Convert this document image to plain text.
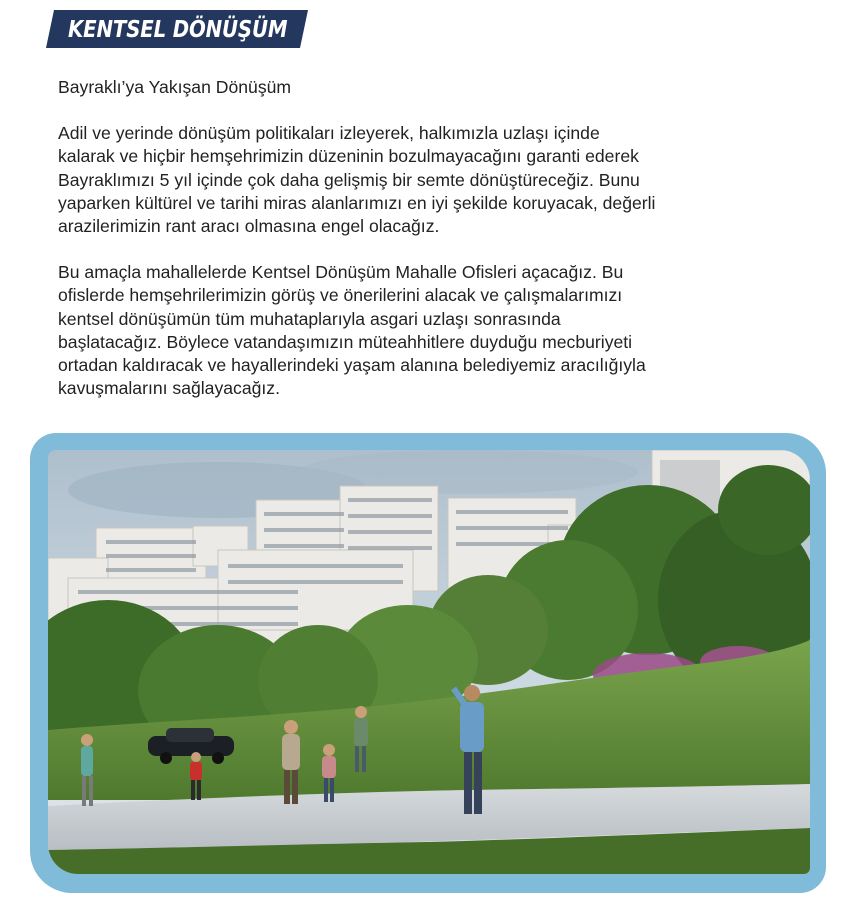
KENTSEL DÖNÜŞÜM
Bayraklı’ya Yakışan Dönüşüm

Adil ve yerinde dönüşüm politikaları izleyerek, halkımızla uzlaşı içinde

kalarak ve hiçbir hemşehrimizin düzeninin bozulmayacağını garanti ederek

Bayraklımızı 5 yıl içinde çok daha gelişmiş bir semte dönüştüreceğiz. Bunu

yaparken kültürel ve tarihi miras alanlarımızı en iyi şekilde koruyacak, değerli

arazilerimizin rant aracı olmasına engel olacağız.

Bu amaçla mahallelerde Kentsel Dönüşüm Mahalle Ofisleri açacağız. Bu

ofislerde hemşehrilerimizin görüş ve önerilerini alacak ve çalışmalarımızı

kentsel dönüşümün tüm muhataplarıyla asgari uzlaşı sonrasında

başlatacağız. Böylece vatandaşımızın müteahhitlere duyduğu mecburiyeti

ortadan kaldıracak ve hayallerindeki yaşam alanına belediyemiz aracılığıyla

kavuşmalarını sağlayacağız.
